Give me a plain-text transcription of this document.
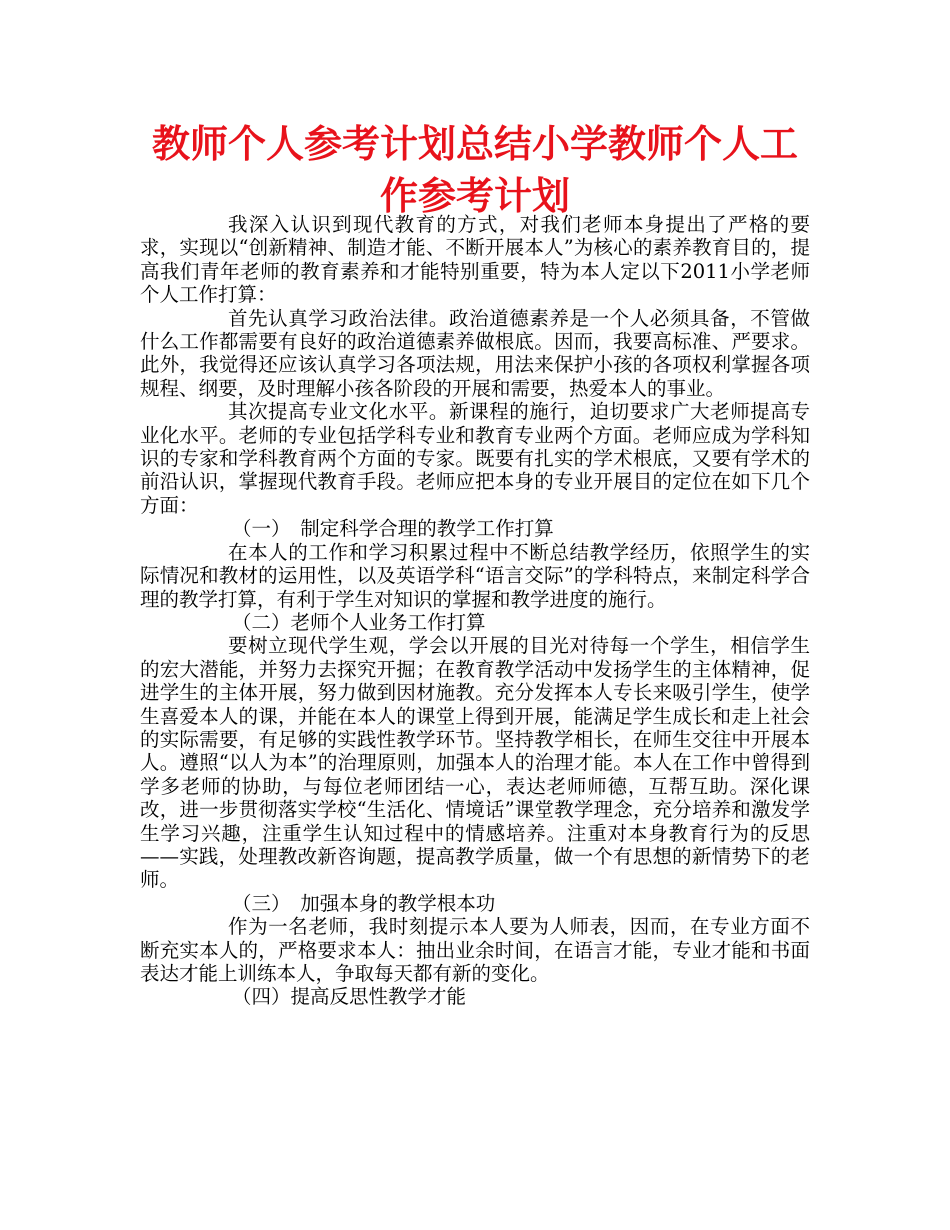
教师个人参考计划总结小学教师个人工作参考计划

我深入认识到现代教育的方式，对我们老师本身提出了严格的要求，实现以“创新精神、制造才能、不断开展本人”为核心的素养教育目的，提高我们青年老师的教育素养和才能特别重要，特为本人定以下2011小学老师个人工作打算：

首先认真学习政治法律。政治道德素养是一个人必须具备，不管做什么工作都需要有良好的政治道德素养做根底。因而，我要高标准、严要求。此外，我觉得还应该认真学习各项法规，用法来保护小孩的各项权利掌握各项规程、纲要，及时理解小孩各阶段的开展和需要，热爱本人的事业。

其次提高专业文化水平。新课程的施行，迫切要求广大老师提高专业化水平。老师的专业包括学科专业和教育专业两个方面。老师应成为学科知识的专家和学科教育两个方面的专家。既要有扎实的学术根底，又要有学术的前沿认识，掌握现代教育手段。老师应把本身的专业开展目的定位在如下几个方面：

（一）　制定科学合理的教学工作打算

在本人的工作和学习积累过程中不断总结教学经历，依照学生的实际情况和教材的运用性，以及英语学科“语言交际”的学科特点，来制定科学合理的教学打算，有利于学生对知识的掌握和教学进度的施行。

（二）老师个人业务工作打算

要树立现代学生观，学会以开展的目光对待每一个学生，相信学生的宏大潜能，并努力去探究开掘；在教育教学活动中发扬学生的主体精神，促进学生的主体开展，努力做到因材施教。充分发挥本人专长来吸引学生，使学生喜爱本人的课，并能在本人的课堂上得到开展，能满足学生成长和走上社会的实际需要，有足够的实践性教学环节。坚持教学相长，在师生交往中开展本人。遵照“以人为本”的治理原则，加强本人的治理才能。本人在工作中曾得到学多老师的协助，与每位老师团结一心，表达老师师德，互帮互助。深化课改，进一步贯彻落实学校“生活化、情境话”课堂教学理念，充分培养和激发学生学习兴趣，注重学生认知过程中的情感培养。注重对本身教育行为的反思——实践，处理教改新咨询题，提高教学质量，做一个有思想的新情势下的老师。

（三）　加强本身的教学根本功

作为一名老师，我时刻提示本人要为人师表，因而，在专业方面不断充实本人的，严格要求本人：抽出业余时间，在语言才能，专业才能和书面表达才能上训练本人，争取每天都有新的变化。

（四）提高反思性教学才能
